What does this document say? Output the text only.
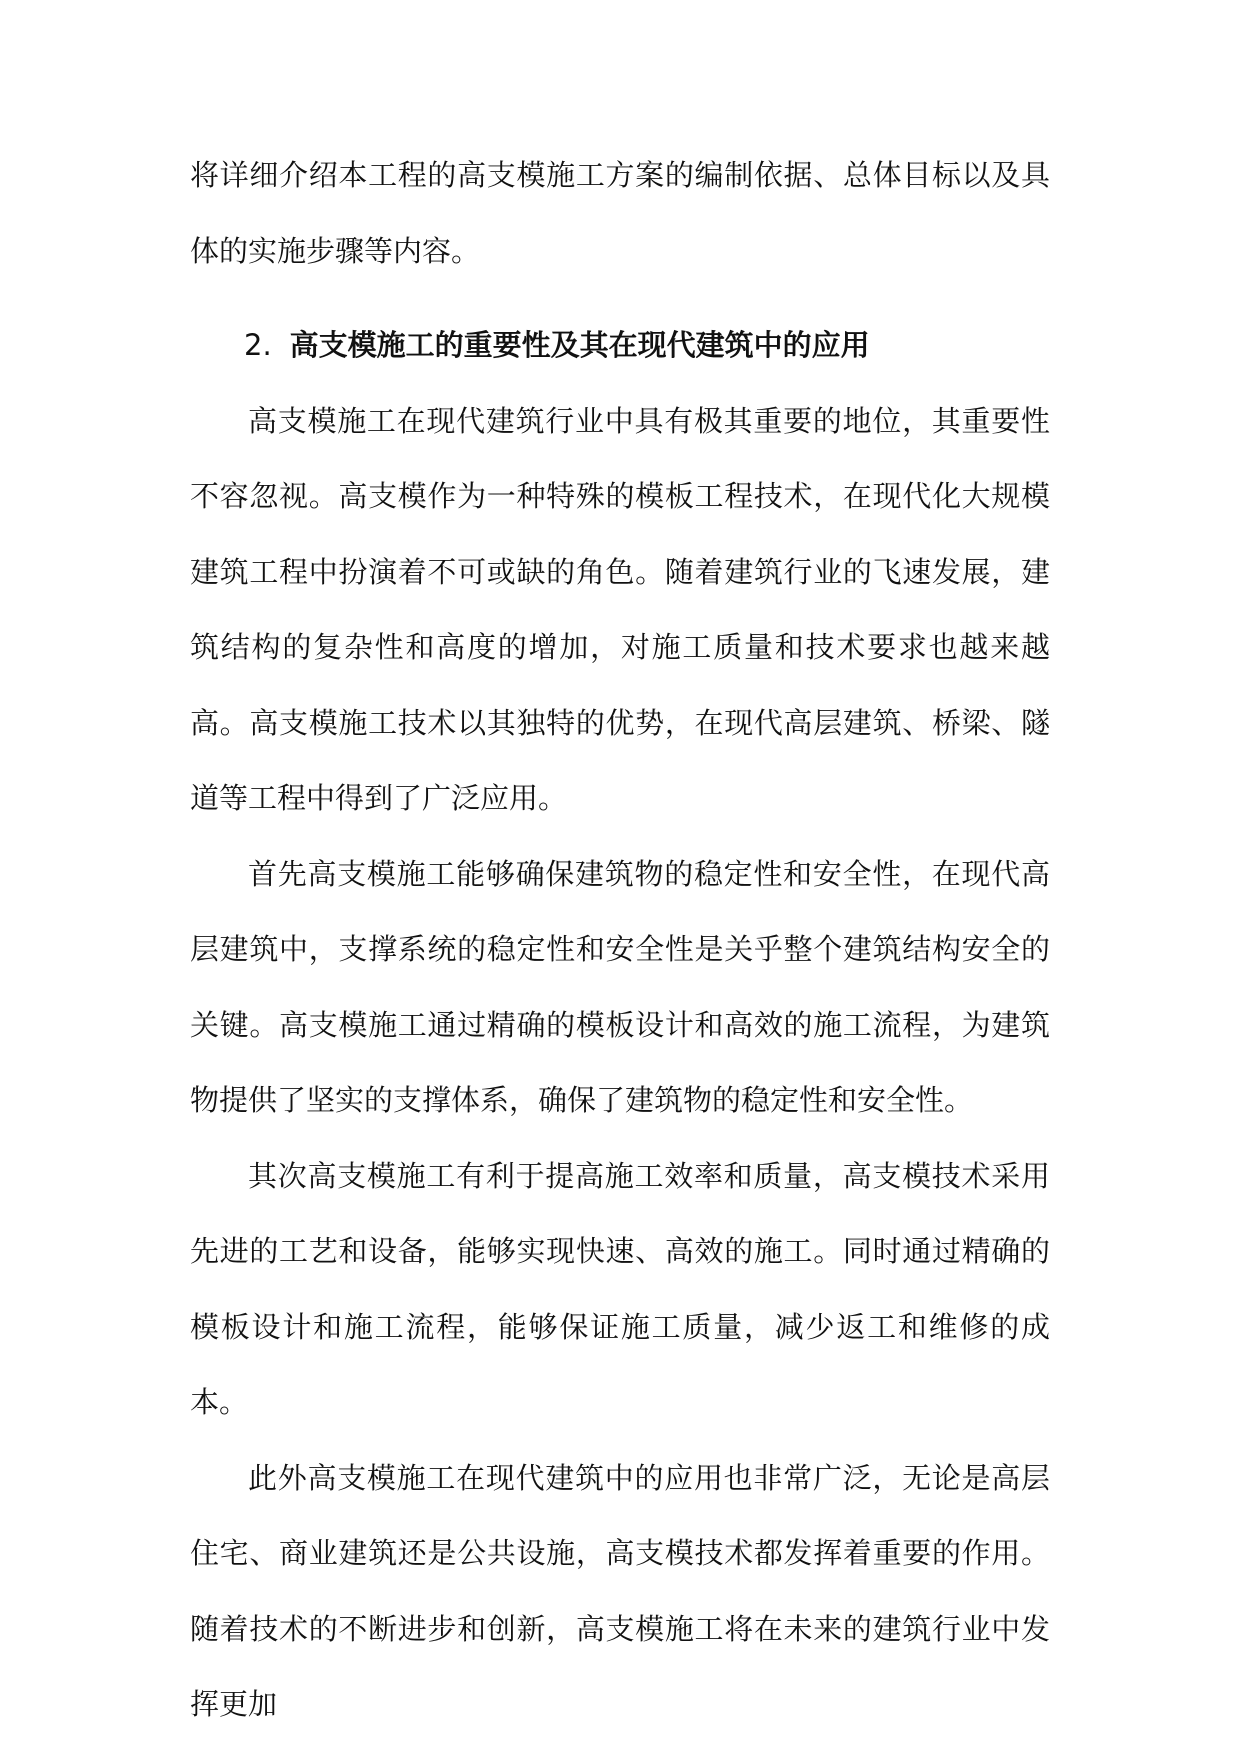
将详细介绍本工程的高支模施工方案的编制依据、总体目标以及具体的实施步骤等内容。

2. 高支模施工的重要性及其在现代建筑中的应用

高支模施工在现代建筑行业中具有极其重要的地位，其重要性不容忽视。高支模作为一种特殊的模板工程技术，在现代化大规模建筑工程中扮演着不可或缺的角色。随着建筑行业的飞速发展，建筑结构的复杂性和高度的增加，对施工质量和技术要求也越来越高。高支模施工技术以其独特的优势，在现代高层建筑、桥梁、隧道等工程中得到了广泛应用。

首先高支模施工能够确保建筑物的稳定性和安全性，在现代高层建筑中，支撑系统的稳定性和安全性是关乎整个建筑结构安全的关键。高支模施工通过精确的模板设计和高效的施工流程，为建筑物提供了坚实的支撑体系，确保了建筑物的稳定性和安全性。

其次高支模施工有利于提高施工效率和质量，高支模技术采用先进的工艺和设备，能够实现快速、高效的施工。同时通过精确的模板设计和施工流程，能够保证施工质量，减少返工和维修的成本。

此外高支模施工在现代建筑中的应用也非常广泛，无论是高层住宅、商业建筑还是公共设施，高支模技术都发挥着重要的作用。随着技术的不断进步和创新，高支模施工将在未来的建筑行业中发挥更加
